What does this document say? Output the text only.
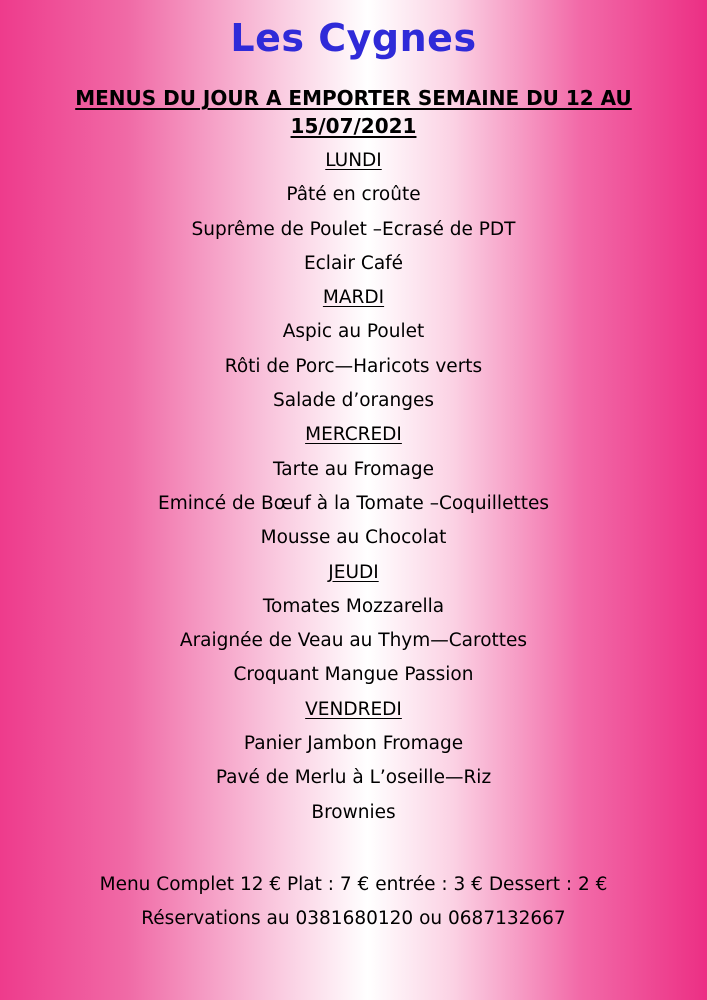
Les Cygnes
MENUS DU JOUR A EMPORTER SEMAINE DU 12 AU 15/07/2021
LUNDI
Pâté en croûte
Suprême de Poulet –Ecrasé de PDT
Eclair Café
MARDI
Aspic au Poulet
Rôti de Porc—Haricots verts
Salade d’oranges
MERCREDI
Tarte au Fromage
Emincé de Bœuf à la Tomate –Coquillettes
Mousse au Chocolat
JEUDI
Tomates Mozzarella
Araignée de Veau au Thym—Carottes
Croquant Mangue Passion
VENDREDI
Panier Jambon Fromage
Pavé de Merlu à L’oseille—Riz
Brownies
Menu Complet 12 € Plat : 7 € entrée : 3 € Dessert : 2 €
Réservations au 0381680120 ou 0687132667
